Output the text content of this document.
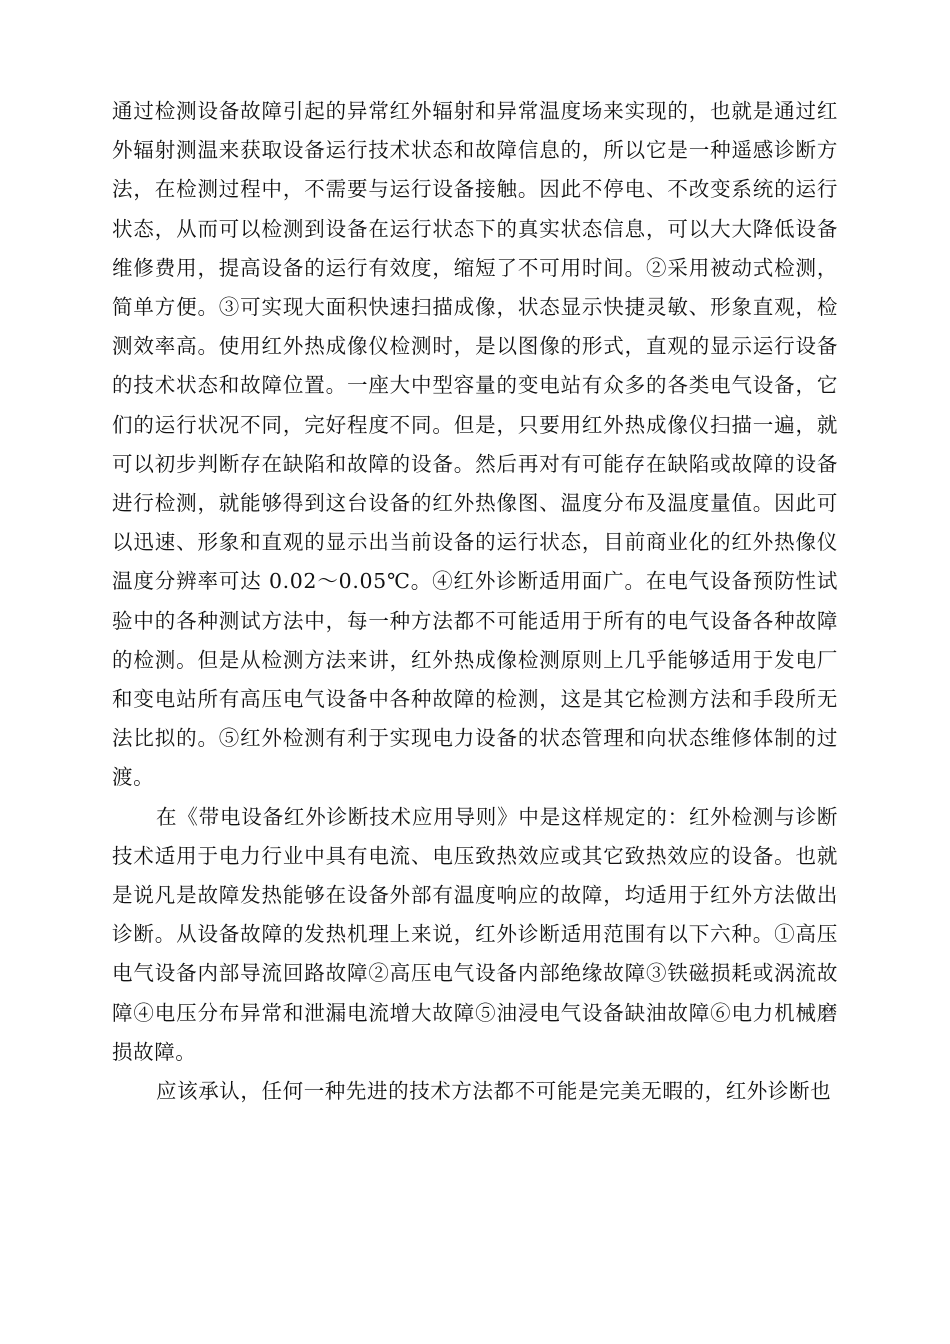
通过检测设备故障引起的异常红外辐射和异常温度场来实现的，也就是通过红外辐射测温来获取设备运行技术状态和故障信息的，所以它是一种遥感诊断方法，在检测过程中，不需要与运行设备接触。因此不停电、不改变系统的运行状态，从而可以检测到设备在运行状态下的真实状态信息，可以大大降低设备维修费用，提高设备的运行有效度，缩短了不可用时间。②采用被动式检测，简单方便。③可实现大面积快速扫描成像，状态显示快捷灵敏、形象直观，检测效率高。使用红外热成像仪检测时，是以图像的形式，直观的显示运行设备的技术状态和故障位置。一座大中型容量的变电站有众多的各类电气设备，它们的运行状况不同，完好程度不同。但是，只要用红外热成像仪扫描一遍，就可以初步判断存在缺陷和故障的设备。然后再对有可能存在缺陷或故障的设备进行检测，就能够得到这台设备的红外热像图、温度分布及温度量值。因此可以迅速、形象和直观的显示出当前设备的运行状态，目前商业化的红外热像仪温度分辨率可达 0.02～0.05℃。④红外诊断适用面广。在电气设备预防性试验中的各种测试方法中，每一种方法都不可能适用于所有的电气设备各种故障的检测。但是从检测方法来讲，红外热成像检测原则上几乎能够适用于发电厂和变电站所有高压电气设备中各种故障的检测，这是其它检测方法和手段所无法比拟的。⑤红外检测有利于实现电力设备的状态管理和向状态维修体制的过渡。

在《带电设备红外诊断技术应用导则》中是这样规定的：红外检测与诊断技术适用于电力行业中具有电流、电压致热效应或其它致热效应的设备。也就是说凡是故障发热能够在设备外部有温度响应的故障，均适用于红外方法做出诊断。从设备故障的发热机理上来说，红外诊断适用范围有以下六种。①高压电气设备内部导流回路故障②高压电气设备内部绝缘故障③铁磁损耗或涡流故障④电压分布异常和泄漏电流增大故障⑤油浸电气设备缺油故障⑥电力机械磨损故障。

应该承认，任何一种先进的技术方法都不可能是完美无暇的，红外诊断也
